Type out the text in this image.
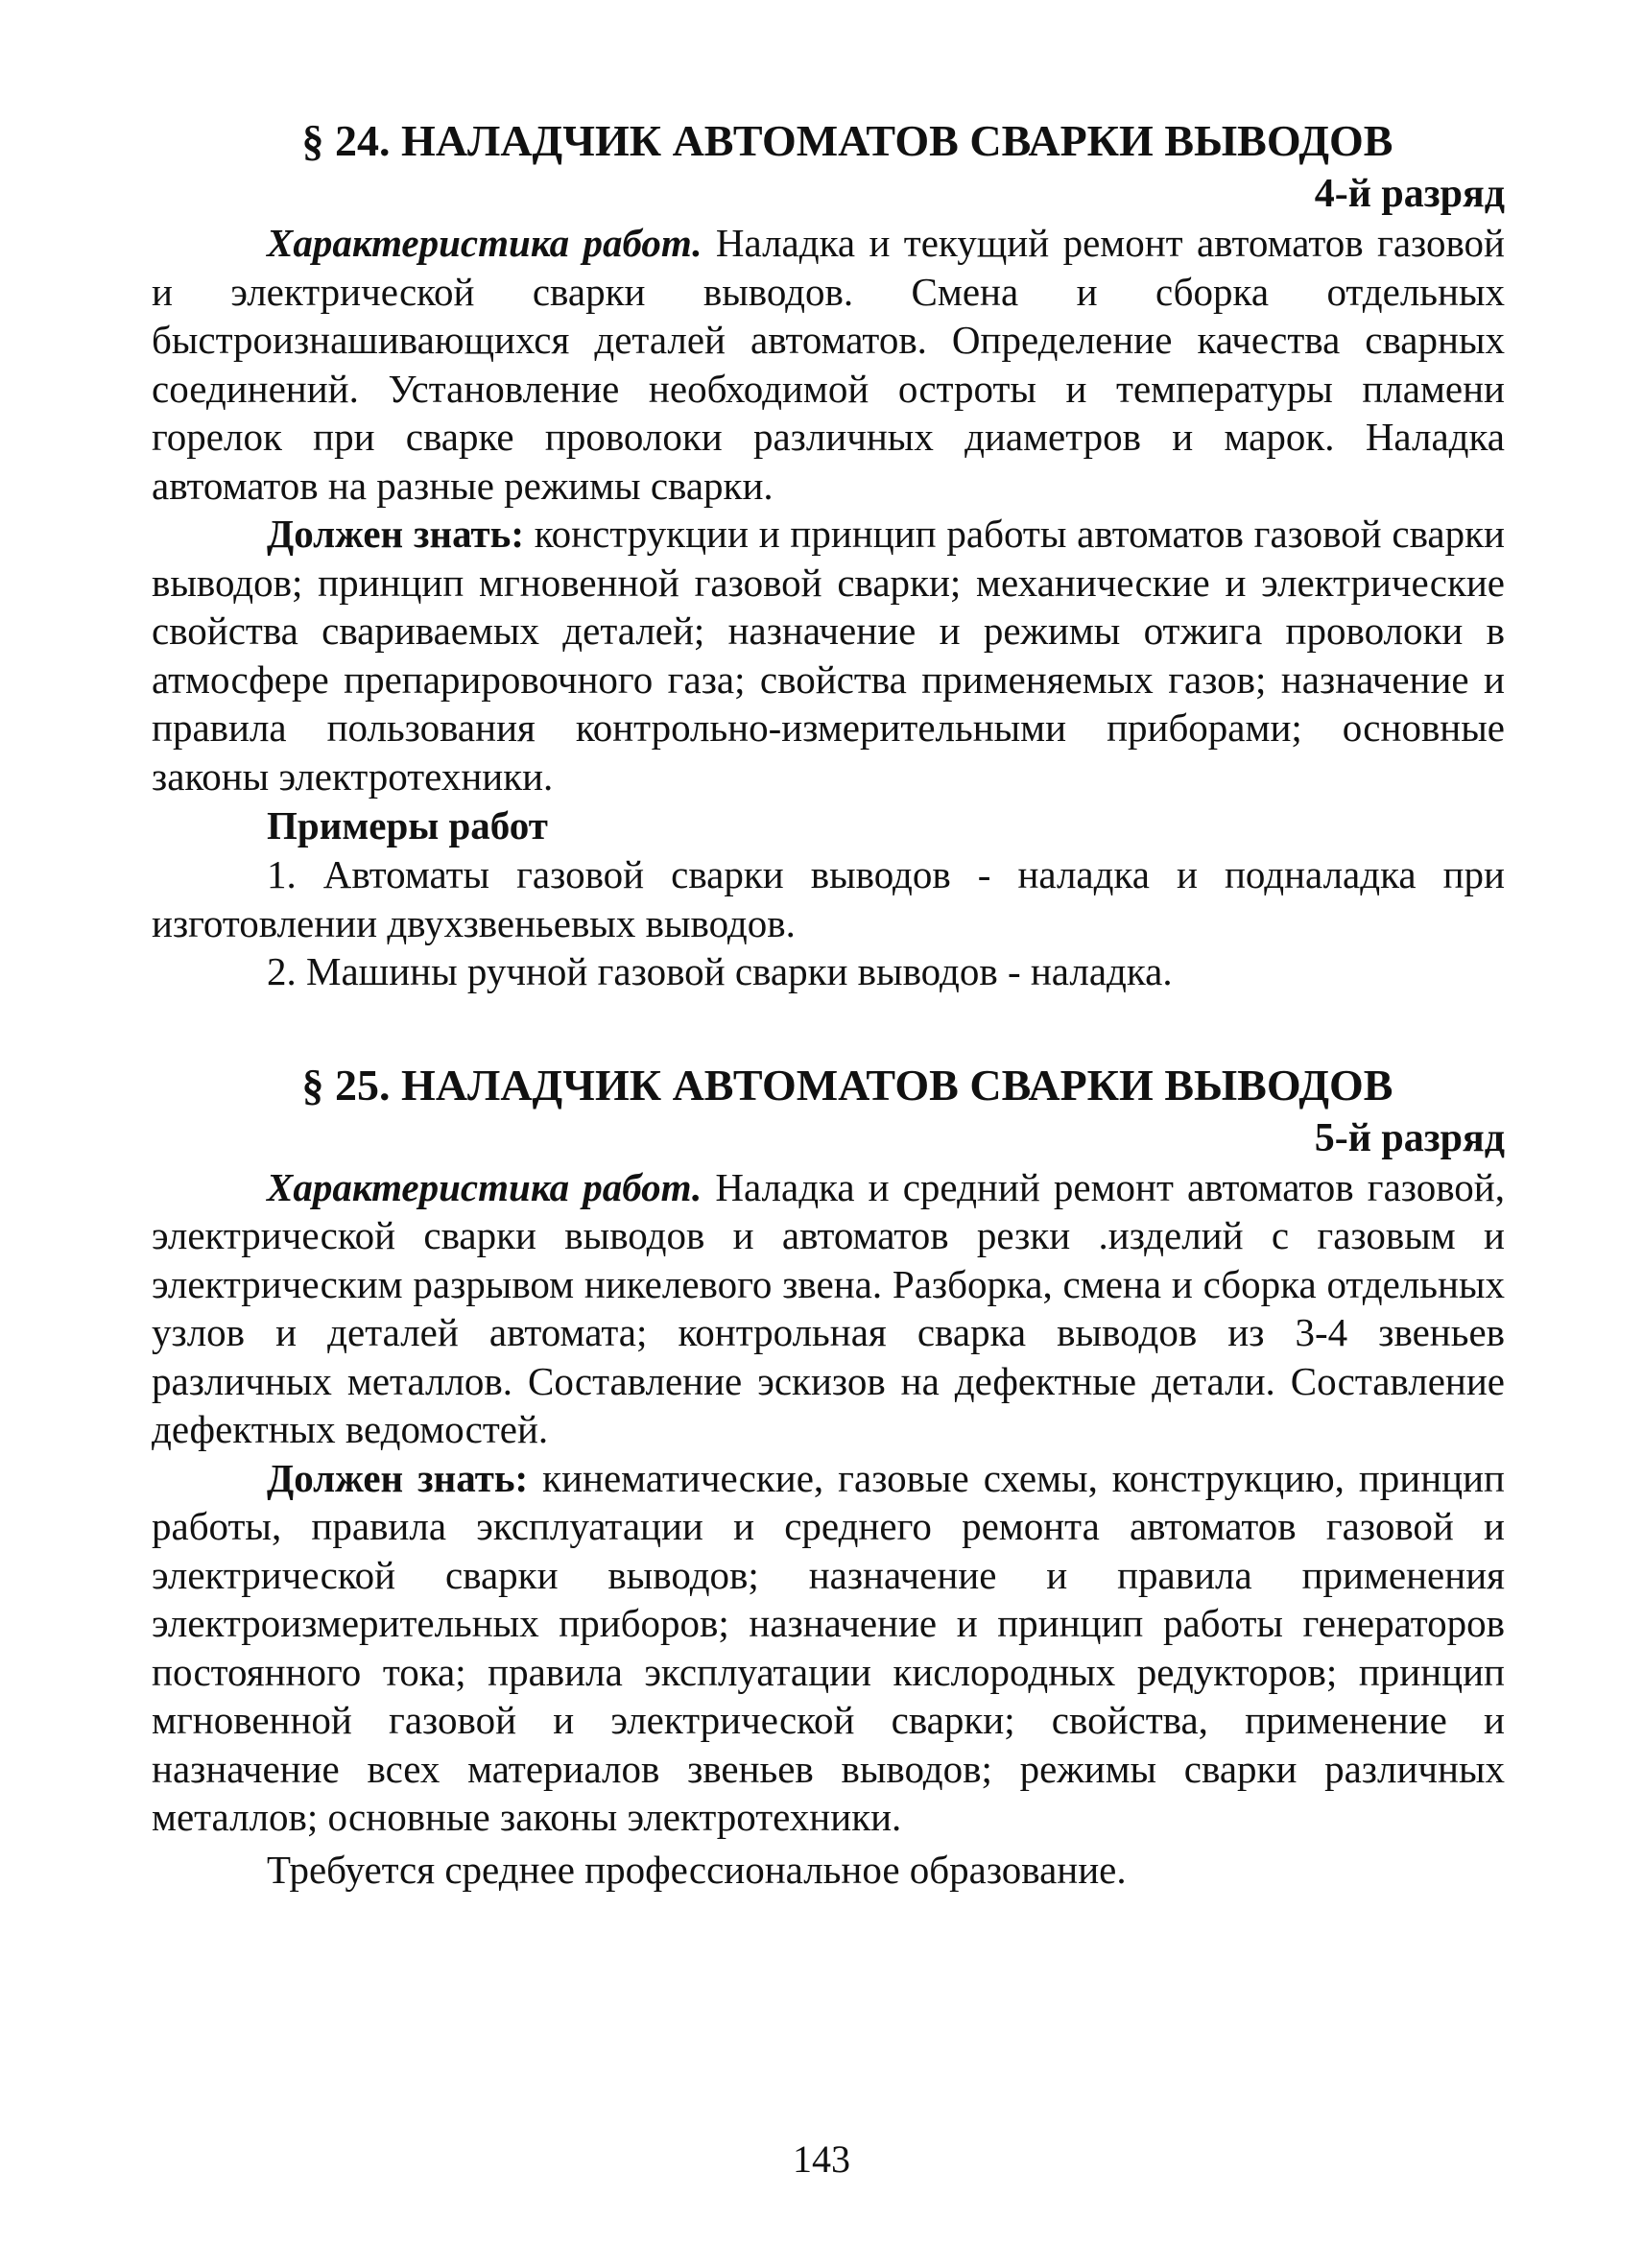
§ 24. НАЛАДЧИК АВТОМАТОВ СВАРКИ ВЫВОДОВ

4-й разряд

Характеристика работ. Наладка и текущий ремонт автоматов газовой и электрической сварки выводов. Смена и сборка отдельных быстроизнашивающихся деталей автоматов. Определение качества сварных соединений. Установление необходимой остроты и температуры пламени горелок при сварке проволоки различных диаметров и марок. Наладка автоматов на разные режимы сварки.

Должен знать: конструкции и принцип работы автоматов газовой сварки выводов; принцип мгновенной газовой сварки; механические и электрические свойства свариваемых деталей; назначение и режимы отжига проволоки в атмосфере препарировочного газа; свойства применяемых газов; назначение и правила пользования контрольно-измерительными приборами; основные законы электротехники.

Примеры работ

1. Автоматы газовой сварки выводов - наладка и подналадка при изготовлении двухзвеньевых выводов.

2. Машины ручной газовой сварки выводов - наладка.

§ 25. НАЛАДЧИК АВТОМАТОВ СВАРКИ ВЫВОДОВ

5-й разряд

Характеристика работ. Наладка и средний ремонт автоматов газовой, электрической сварки выводов и автоматов резки .изделий с газовым и электрическим разрывом никелевого звена. Разборка, смена и сборка отдельных узлов и деталей автомата; контрольная сварка выводов из 3-4 звеньев различных металлов. Составление эскизов на дефектные детали. Составление дефектных ведомостей.

Должен знать: кинематические, газовые схемы, конструкцию, принцип работы, правила эксплуатации и среднего ремонта автоматов газовой и электрической сварки выводов; назначение и правила применения электроизмерительных приборов; назначение и принцип работы генераторов постоянного тока; правила эксплуатации кислородных редукторов; принцип мгновенной газовой и электрической сварки; свойства, применение и назначение всех материалов звеньев выводов; режимы сварки различных металлов; основные законы электротехники.

Требуется среднее профессиональное образование.

143
